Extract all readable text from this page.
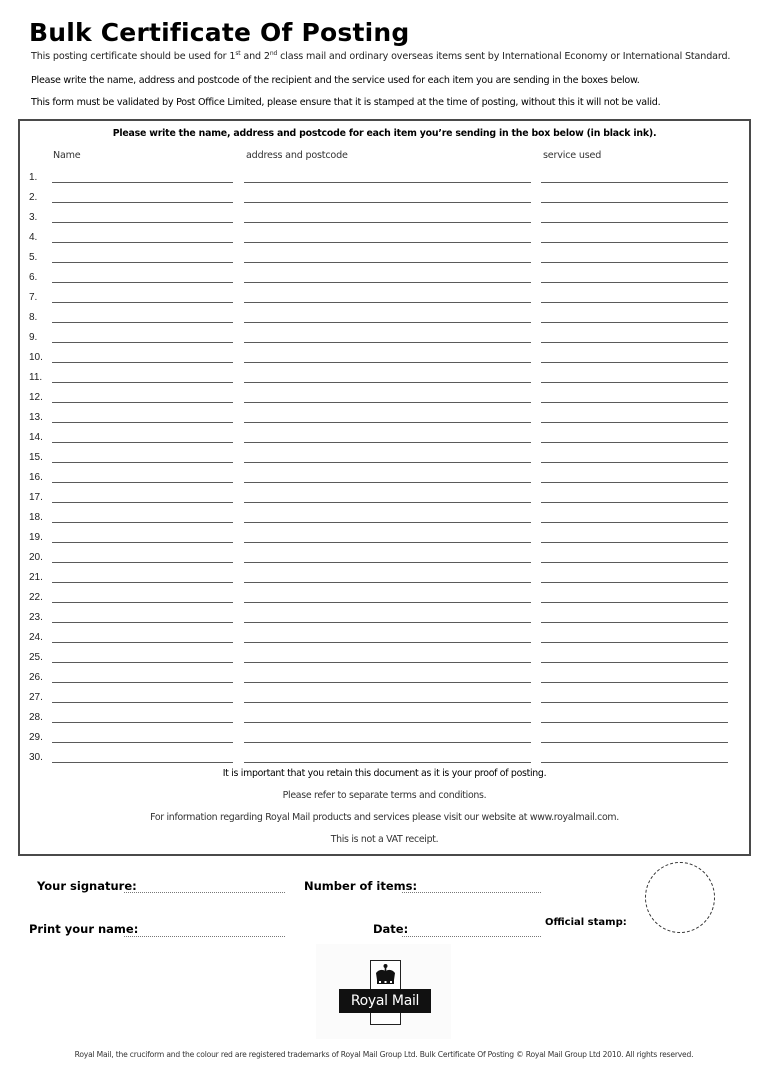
Bulk Certificate Of Posting
This posting certificate should be used for 1st and 2nd class mail and ordinary overseas items sent by International Economy or International Standard.
Please write the name, address and postcode of the recipient and the service used for each item you are sending in the boxes below.
This form must be validated by Post Office Limited, please ensure that it is stamped at the time of posting, without this it will not be valid.
Please write the name, address and postcode for each item you’re sending in the box below (in black ink).
Name	address and postcode	service used
1.
2.
3.
4.
5.
6.
7.
8.
9.
10.
11.
12.
13.
14.
15.
16.
17.
18.
19.
20.
21.
22.
23.
24.
25.
26.
27.
28.
29.
30.
It is important that you retain this document as it is your proof of posting.
Please refer to separate terms and conditions.
For information regarding Royal Mail products and services please visit our website at www.royalmail.com.
This is not a VAT receipt.
Your signature:	Number of items:
Print your name:	Date:	Official stamp:
Royal Mail
Royal Mail, the cruciform and the colour red are registered trademarks of Royal Mail Group Ltd. Bulk Certificate Of Posting © Royal Mail Group Ltd 2010. All rights reserved.
